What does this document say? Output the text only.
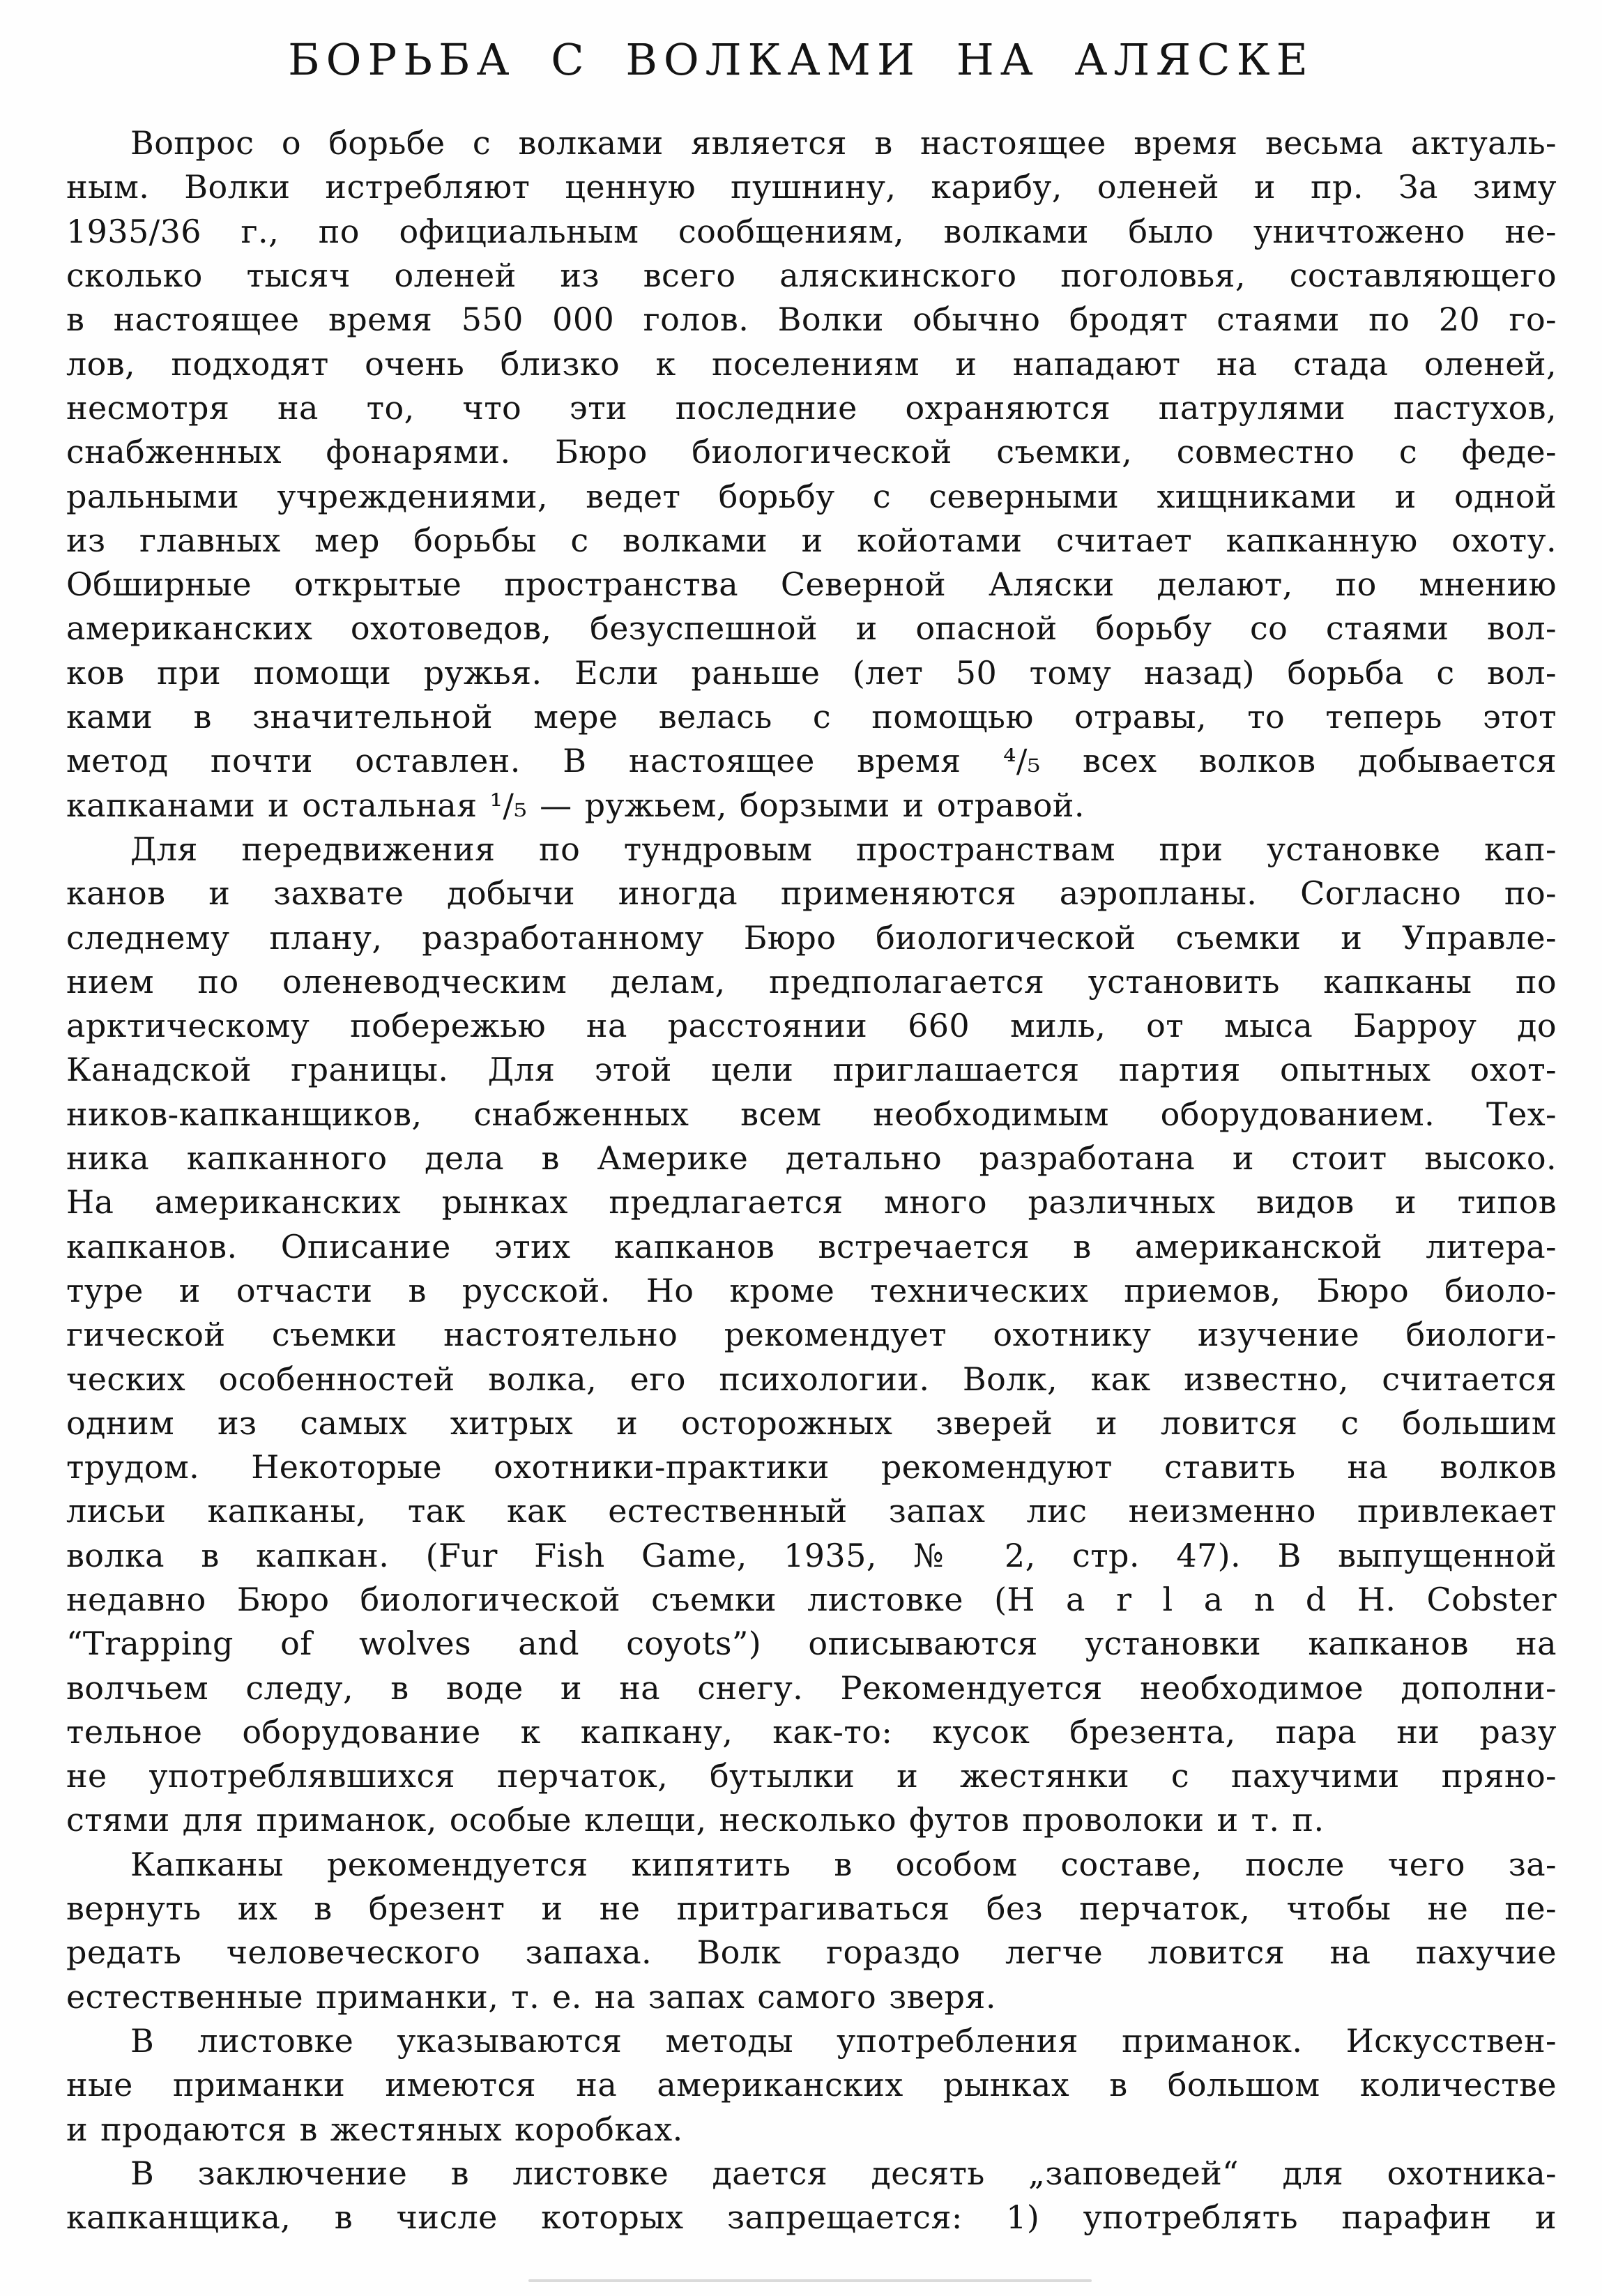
БОРЬБА С ВОЛКАМИ НА АЛЯСКЕ
Вопрос о борьбе с волками является в настоящее время весьма актуаль-
ным. Волки истребляют ценную пушнину, карибу, оленей и пр. За зиму
1935/36 г., по официальным сообщениям, волками было уничтожено не-
сколько тысяч оленей из всего аляскинского поголовья, составляющего
в настоящее время 550 000 голов. Волки обычно бродят стаями по 20 го-
лов, подходят очень близко к поселениям и нападают на стада оленей,
несмотря на то, что эти последние охраняются патрулями пастухов,
снабженных фонарями. Бюро биологической съемки, совместно с феде-
ральными учреждениями, ведет борьбу с северными хищниками и одной
из главных мер борьбы с волками и койотами считает капканную охоту.
Обширные открытые пространства Северной Аляски делают, по мнению
американских охотоведов, безуспешной и опасной борьбу со стаями вол-
ков при помощи ружья. Если раньше (лет 50 тому назад) борьба с вол-
ками в значительной мере велась с помощью отравы, то теперь этот
метод почти оставлен. В настоящее время ⁴/₅ всех волков добывается
капканами и остальная ¹/₅ — ружьем, борзыми и отравой.
Для передвижения по тундровым пространствам при установке кап-
канов и захвате добычи иногда применяются аэропланы. Согласно по-
следнему плану, разработанному Бюро биологической съемки и Управле-
нием по оленеводческим делам, предполагается установить капканы по
арктическому побережью на расстоянии 660 миль, от мыса Барроу до
Канадской границы. Для этой цели приглашается партия опытных охот-
ников-капканщиков, снабженных всем необходимым оборудованием. Тех-
ника капканного дела в Америке детально разработана и стоит высоко.
На американских рынках предлагается много различных видов и типов
капканов. Описание этих капканов встречается в американской литера-
туре и отчасти в русской. Но кроме технических приемов, Бюро биоло-
гической съемки настоятельно рекомендует охотнику изучение биологи-
ческих особенностей волка, его психологии. Волк, как известно, считается
одним из самых хитрых и осторожных зверей и ловится с большим
трудом. Некоторые охотники-практики рекомендуют ставить на волков
лисьи капканы, так как естественный запах лис неизменно привлекает
волка в капкан. (Fur Fish Game, 1935, № 2, стр. 47). В выпущенной
недавно Бюро биологической съемки листовке (H a r l a n d H. Cobster
“Trapping of wolves and coyots”) описываются установки капканов на
волчьем следу, в воде и на снегу. Рекомендуется необходимое дополни-
тельное оборудование к капкану, как-то: кусок брезента, пара ни разу
не употреблявшихся перчаток, бутылки и жестянки с пахучими пряно-
стями для приманок, особые клещи, несколько футов проволоки и т. п.
Капканы рекомендуется кипятить в особом составе, после чего за-
вернуть их в брезент и не притрагиваться без перчаток, чтобы не пе-
редать человеческого запаха. Волк гораздо легче ловится на пахучие
естественные приманки, т. е. на запах самого зверя.
В листовке указываются методы употребления приманок. Искусствен-
ные приманки имеются на американских рынках в большом количестве
и продаются в жестяных коробках.
В заключение в листовке дается десять „заповедей“ для охотника-
капканщика, в числе которых запрещается: 1) употреблять парафин и
